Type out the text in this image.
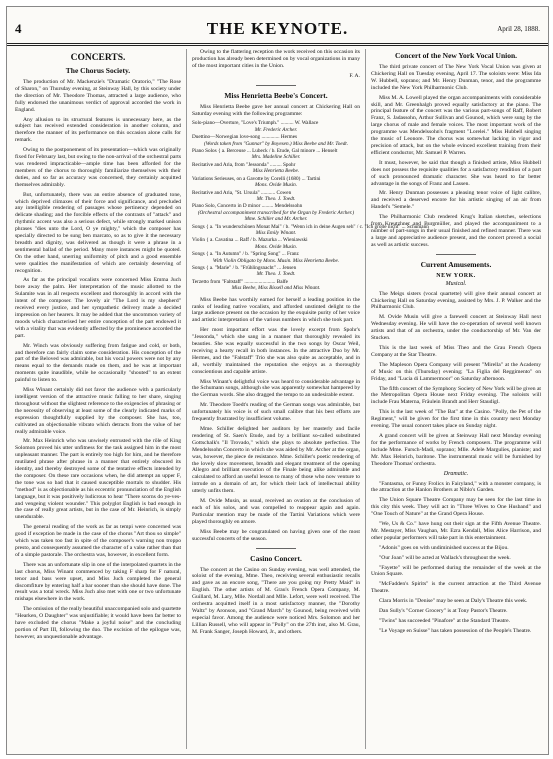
4	THE KEYNOTE.	April 28, 1888.
CONCERTS.
The Chorus Society.

The production of Mr. Mackenzie's "Dramatic Oratorio," "The Rose of Sharon," on Thursday evening, at Steinway Hall, by this society under the direction of Mr. Theodore Thomas, attracted a large audience, who fully endorsed the unanimous verdict of approval accorded the work in England.

Any allusion to its structural features is unnecessary here, as the subject has received extended consideration in another column, and therefore the manner of its performance on this occasion alone calls for remark.

Owing to the postponement of its presentation—which was originally fixed for February last, but owing to the non-arrival of the orchestral parts was rendered impracticable—ample time has been afforded for the members of the chorus to thoroughly familiarize themselves with their duties, and so far as accuracy was concerned, they certainly acquitted themselves admirably.

But, unfortunately, there was an entire absence of graduated tone, which deprived climaxes of their force and significance, and precluded any intelligible rendering of passages whose pertinency depended on delicate shading; and the forcible effects of the contrasts of "attack" and rhythmic accent was also a serious defect, while strongly marked unison phrases "dies unto the Lord, O ye mighty," which the composer has specially directed to be sung ben marcato, so as to give it the necessary breadth and dignity, was delivered as though it were a phrase in a sentimental ballad of the period. Many more instances might be quoted. On the other hand, unerring uniformity of pitch and a good ensemble were qualities the manifestation of which are certainly deserving of recognition.

As far as the principal vocalists were concerned Miss Emma Juch bore away the palm. Her interpretation of the music allotted to the Sulamite was in all respects excellent and thoroughly in accord with the intent of the composer. The lovely air "The Lord is my shepherd" received every justice, and her sympathetic delivery made a decided impression on her hearers. It may be added that the uncommon variety of moods which characterised her entire conception of the part endowed it with a vitality that was evidently affected by the prominence accorded the part.

Mr. Winch was obviously suffering from fatigue and cold, or both, and therefore can fairly claim some consideration. His conception of the part of the Beloved was admirable, but his vocal powers were not by any means equal to the demands made on them, and he was at important moments quite inaudible, while he occasionally "shouted" to an extent painful to listen to.

Miss Winant certainly did not favor the audience with a particularly intelligent version of the attractive music falling to her share, singing throughout without the slightest reference to the exigencies of phrasing or the necessity of observing at least some of the clearly indicated marks of expression thoughtfully supplied by the composer. She has, too, cultivated an objectionable vibrato which detracts from the value of her really admirable voice.

Mr. Max Heinrich who was unwisely entrusted with the rôle of King Solomon proved his utter unfitness for the task assigned him in the most unpleasant manner. The part is entirely too high for him, and he therefore mutilated phrase after phrase in a manner that entirely obscured its identity, and thereby destroyed some of the tentative effects intended by the composer. On these rare occasions when, he did attempt an upper F, the tone was so bad that it caused susceptible mortals to shudder. His "method" is as objectionable as his eccentric pronunciation of the English language, but it was positively ludicrous to hear "There scorns do ye-ves-and vengeing violent wounder." This polyglot English is bad enough in the case of really great artists, but in the case of Mr. Heinrich, is simply unendurable.

The general reading of the work as far as tempi were concerned was good if exception be made in the case of the chorus "Art thou so simple" which was taken too fast in spite of the composer's warning non troppo presto, and consequently assumed the character of a valse rather than that of a simple pastorale. The orchestra was, however, in excellent form.

There was an unfortunate slip in one of the interpolated quartets in the last chorus, Miss Winant commenced by taking F sharp for F natural, tenor and bass were upset, and Miss Juch completed the general discomfiture by entering half a bar sooner than she should have done. The result was a total wreck. Miss Juch also met with one or two unfortunate mishaps elsewhere in the work.

The omission of the really beautiful unaccompanied solo and quartette "Hearken, O Daughter" was unjustifiable; it would have been far better to have excluded the chorus "Make a joyful noise" and the concluding portion of Part III, following the duo. The excision of the epilogue was, however, an unquestionable advantage.

Owing to the flattering reception the work received on this occasion its production has already been determined on by vocal organizations in many of the most important cities in the Union.

F. A.
Miss Henrietta Beebe's Concert.

Miss Henrietta Beebe gave her annual concert at Chickering Hall on Saturday evening with the following programme:

Solo-piano—Overture, "Love's Triumph." .......... W. Wallace
Mr. Frederic Archer.
Duettino—Norwegian love-song .............. Hermes
(Words taken from "Gunnar" by Boyesen.) Miss Beebe and Mr. Toedt.
Piano Solos { a. Berceuse ... Lubeck / b. Etude, Gal minore ... Henselt
Mrs. Madeline Schiller.
Recitative and Aria, from "Jessonda" ......... Spohr
Miss Henrietta Beebe.
Variations Serieuses, on a Gavotte by Corelli (1680) ... Tartini
Mons. Ovide Musin.
Recitative and Aria, "St. Ursula" ........... Cowen
Mr. Theo. J. Toedt.
Piano Solo, Concerto in D minor ......... Mendelssohn
(Orchestral accompaniment transcribed for the Organ by Frederic Archer.) Mme. Schiller and Mr. Archer.
Songs { a. "In wunderschönen Monat Mai" / b. "Wenn ich in deine Augen seh" / c. "Ich grolle nicht" ... Schumann
Miss Emily Winant.
Violin { a. Cavatina ... Raff / b. Mazurka ... Wieniawski
Mons. Ovide Musin.
Songs { a. "In Autumn" / b. "Spring Song" ... Franz
With Violin Obligato by Mons. Musin. Miss Henrietta Beebe.
Songs { a. "Marie" / b. "Frühlingsnacht" ... Jensen
Mr. Theo. J. Toedt.
Terzetto from "Faltstaff" ........................ Balfe
Miss Beebe, Miss Bissell and Miss Winant.

Miss Beebe has worthily earned for herself a leading position in the ranks of leading native vocalists, and afforded unstinted delight to the large audience present on the occasion by the exquisite purity of her voice and artistic interpretation of the various numbers in which she took part.

Her most important effort was the lovely excerpt from Spohr's "Jessonda," which she sang in a manner that thoroughly revealed its beauties. She was equally successful in the two songs by Oscar Weil, receiving a hearty recall in both instances. In the attractive Duo by Mr. Hermes, and the "Falstaff" Trio she was also quite as acceptable, and in all, worthily maintained the reputation she enjoys as a thoroughly conscientious and capable artiste.

Miss Winant's delightful voice was heard to considerable advantage in the Schumann songs, although she was apparently somewhat hampered by the German words. She also dragged the tempo to an undesirable extent.

Mr. Theodore Toedt's reading of the German songs was admirable, but unfortunately his voice is of such small calibre that his best efforts are frequently frustrated by insufficient volume.

Mme. Schiller delighted her auditors by her masterly and facile rendering of St. Saen's Etude, and by a brilliant so-called substituted Gottschalk's "Il Trovado," which she plays to absolute perfection. The Mendelssohn Concerto in which she was aided by Mr. Archer at the organ, was, however, the piece de resistance. Mme. Schiller's poetic rendering of the lovely slow movement, breadth and elegant treatment of the opening Allegro and brilliant execution of the Finale being alike admirable and calculated to afford an useful lesson to many of those who now venture to intrude on a domain of art, for which their lack of intellectual ability utterly unfits them.

M. Ovide Musin, as usual, received an ovation at the conclusion of each of his solos, and was compelled to reappear again and again. Particular mention may be made of the Tartini Variations which were played thoroughly en amore.

Miss Beebe may be congratulated on having given one of the most successful concerts of the season.

Casino Concert.

The concert at the Casino on Sunday evening, was well attended, the soloist of the evening, Mme. Theo, receiving several enthusiastic recalls and gave as an encore song, "There are you going my Pretty Maid" in English. The other artists of M. Grau's French Opera Company, M. Guillard, M. Lary, Mlle. Nordall and Mlle. Lefort, were well received. The orchestra acquitted itself in a most satisfactory manner, the "Dorothy Waltz" by Aronson, and "Grand March" by Gounod, being received with especial favor. Among the audience were noticed Mrs. Solomon and her Lillian Russell, who will appear in "Polly" on the 27th inst, also M. Grau, M. Frank Sanger, Joseph Howard, Jr., and others.

Concert of the New York Vocal Union.

The third private concert of The New York Vocal Union was given at Chickering Hall on Tuesday evening, April 17. The soloists were: Miss Ida W. Hubbell, soprano; and Mr. Henry Dunman, tenor, and the programme included the New York Philharmonic Club.

Miss M. A. Lowell played the organ accompaniments with considerable skill, and Mr. Greenhalgh proved equally satisfactory at the piano. The principal feature of the concert was the various part-songs of Raff, Robert Franz, S. Jadassohn, Arthur Sullivan and Gounod, which were sung by the large chorus of male and female voices. The most important work of the programme was Mendelssohn's fragment "Lorelei." Miss Hubbell singing the music of Leonore. The chorus was somewhat lacking in vigor and precision of attack, but on the whole evinced excellent training from their efficient conductor, Mr. Samuel P. Warren.

It must, however, be said that though a finished artiste, Miss Hubbell does not possess the requisite qualities for a satisfactory rendition of a part of such pronounced dramatic character. She was heard to far better advantage in the songs of Franz and Lassen.

Mr. Henry Dunman possesses a pleasing tenor voice of light calibre, and received a deserved encore for his artistic singing of an air from Handel's "Semele."

The Philharmonic Club rendered Krug's Italian sketches, selections from Kreutzhner and Burgmüller, and played the accompaniment to a number of part-songs in their usual finished and refined manner. There was a large and appreciative audience present, and the concert proved a social as well as artistic success.

Current Amusements.
NEW YORK.
Musical.

The Meigs sisters (vocal quartette) will give their annual concert at Chickering Hall on Saturday evening, assisted by Mrs. J. P. Walker and the Philharmonic Club.

M. Ovide Musin will give a farewell concert at Steinway Hall next Wednesday evening. He will have the co-operation of several well known artists and that of an orchestra, under the conductorship of Mr. Van der Stucken.

This is the last week of Miss Theo and the Grau French Opera Company at the Star Theatre.

The Mapleson Opera Company will present "Mirella" at the Academy of Music on this (Thursday) evening; "La Figlia del Reggimento" on Friday, and "Lucia di Lammermoor" on Saturday afternoon.

The fifth concert of the Symphony Society of New York will be given at the Metropolitan Opera House next Friday evening. The soloists will include Frau Materna, Fräulein Brandt and Herr Staudigl.

This is the last week of "The Bat" at the Casino. "Polly, the Pet of the Regiment," will be given for the first time in this country next Monday evening. The usual concert takes place on Sunday night.

A grand concert will be given at Steinway Hall next Monday evening for the performance of works by French composers. The programme will include Mme. Fursch-Madi, soprano; Mlle. Adele Margulies, pianiste; and Mr. Max Heinrich, baritone. The instrumental music will be furnished by Theodore Thomas' orchestra.

Dramatic.

"Fantasma, or Funny Frolics in Fairyland," with a monster company, is the attraction at the Hanlon Brothers at Niblo's Garden.

The Union Square Theatre Company may be seen for the last time in this city this week. They will act in "Three Wives to One Husband" and "One Touch of Nature" at the Grand Opera House.

"We, Us & Co." have hung out their sign at the Fifth Avenue Theatre. Mr. Mestayer, Miss Vaughan, Mr. Ezra Kendall, Miss Alice Harrison, and other popular performers will take part in this entertainment.

"Adonis" goes on with undiminished success at the Bijou.

"Our Joan" will be acted at Wallack's throughout the week.

"Fayette" will be performed during the remainder of the week at the Union Square.

"McFadden's Spirits" is the current attraction at the Third Avenue Theatre.

Clara Morris in "Denise" may be seen at Daly's Theatre this week.

Dan Sully's "Corner Grocery" is at Tony Pastor's Theatre.

"Twins" has succeeded "Pinafore" at the Standard Theatre.

"Le Voyage en Suisse" has taken possession of the People's Theatre.
